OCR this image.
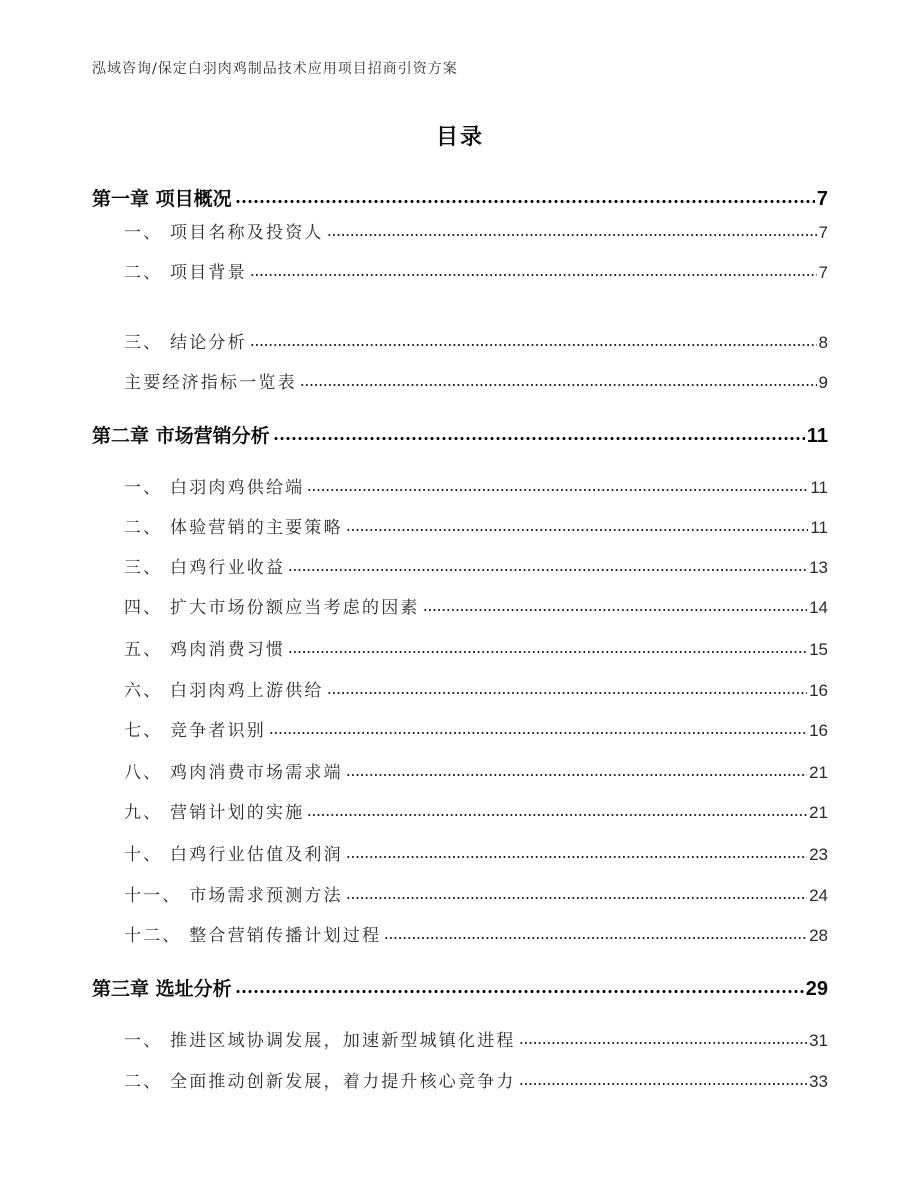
泓域咨询/保定白羽肉鸡制品技术应用项目招商引资方案
目录
第一章 项目概况	7
一、 项目名称及投资人	7
二、 项目背景	7
三、 结论分析	8
主要经济指标一览表	9
第二章 市场营销分析	11
一、 白羽肉鸡供给端	11
二、 体验营销的主要策略	11
三、 白鸡行业收益	13
四、 扩大市场份额应当考虑的因素	14
五、 鸡肉消费习惯	15
六、 白羽肉鸡上游供给	16
七、 竞争者识别	16
八、 鸡肉消费市场需求端	21
九、 营销计划的实施	21
十、 白鸡行业估值及利润	23
十一、 市场需求预测方法	24
十二、 整合营销传播计划过程	28
第三章 选址分析	29
一、 推进区域协调发展，加速新型城镇化进程	31
二、 全面推动创新发展，着力提升核心竞争力	33
